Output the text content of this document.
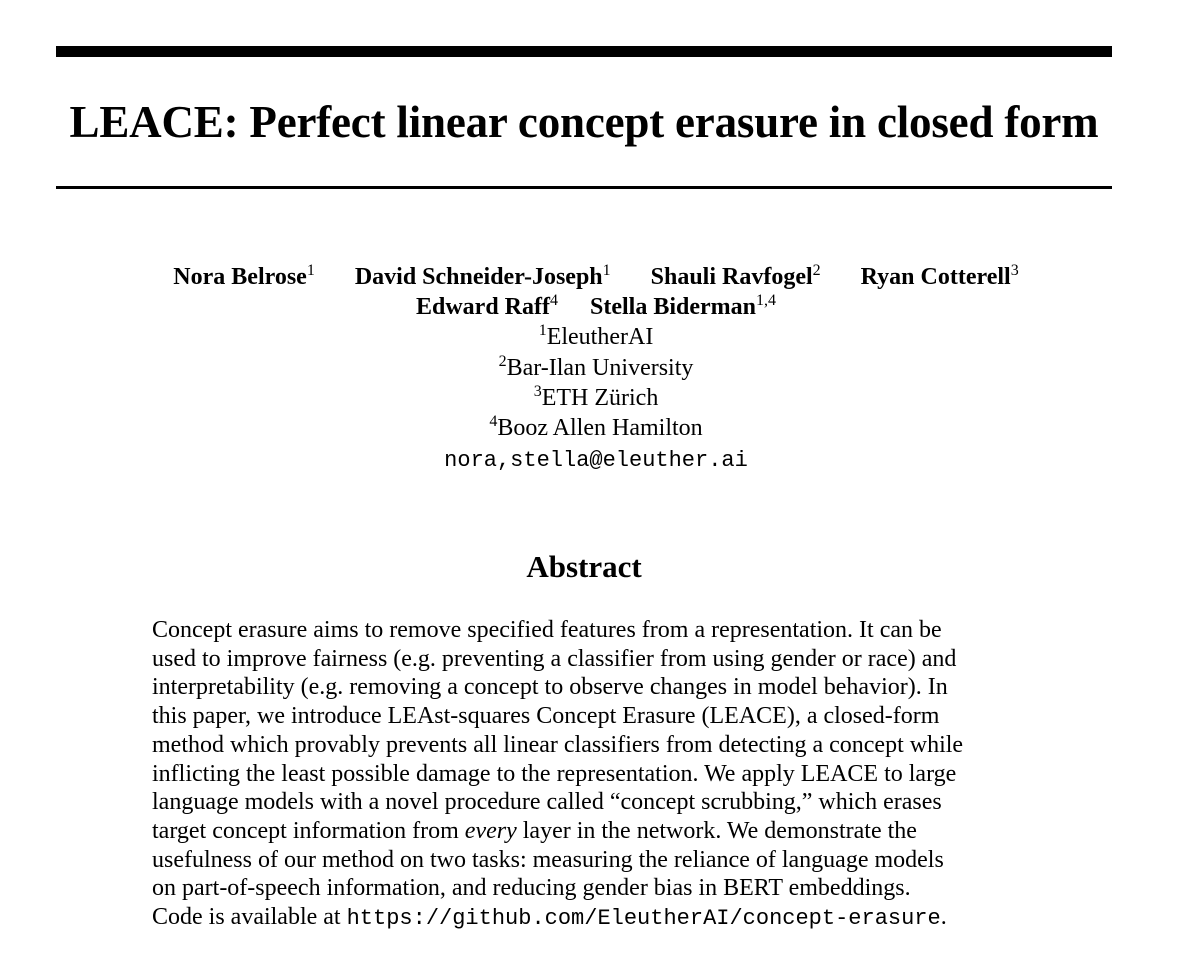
LEACE: Perfect linear concept erasure in closed form
Nora Belrose$^1$ David Schneider-Joseph$^1$ Shauli Ravfogel$^2$ Ryan Cotterell$^3$
Edward Raff$^4$ Stella Biderman$^{1,4}$
$^1$EleutherAI
$^2$Bar-Ilan University
$^3$ETH Zürich
$^4$Booz Allen Hamilton
nora,stella@eleuther.ai
Abstract
Concept erasure aims to remove specified features from a representation. It can be
used to improve fairness (e.g. preventing a classifier from using gender or race) and
interpretability (e.g. removing a concept to observe changes in model behavior). In
this paper, we introduce LEAst-squares Concept Erasure (LEACE), a closed-form
method which provably prevents all linear classifiers from detecting a concept while
inflicting the least possible damage to the representation. We apply LEACE to large
language models with a novel procedure called “concept scrubbing,” which erases
target concept information from every layer in the network. We demonstrate the
usefulness of our method on two tasks: measuring the reliance of language models
on part-of-speech information, and reducing gender bias in BERT embeddings.
Code is available at https://github.com/EleutherAI/concept-erasure.
